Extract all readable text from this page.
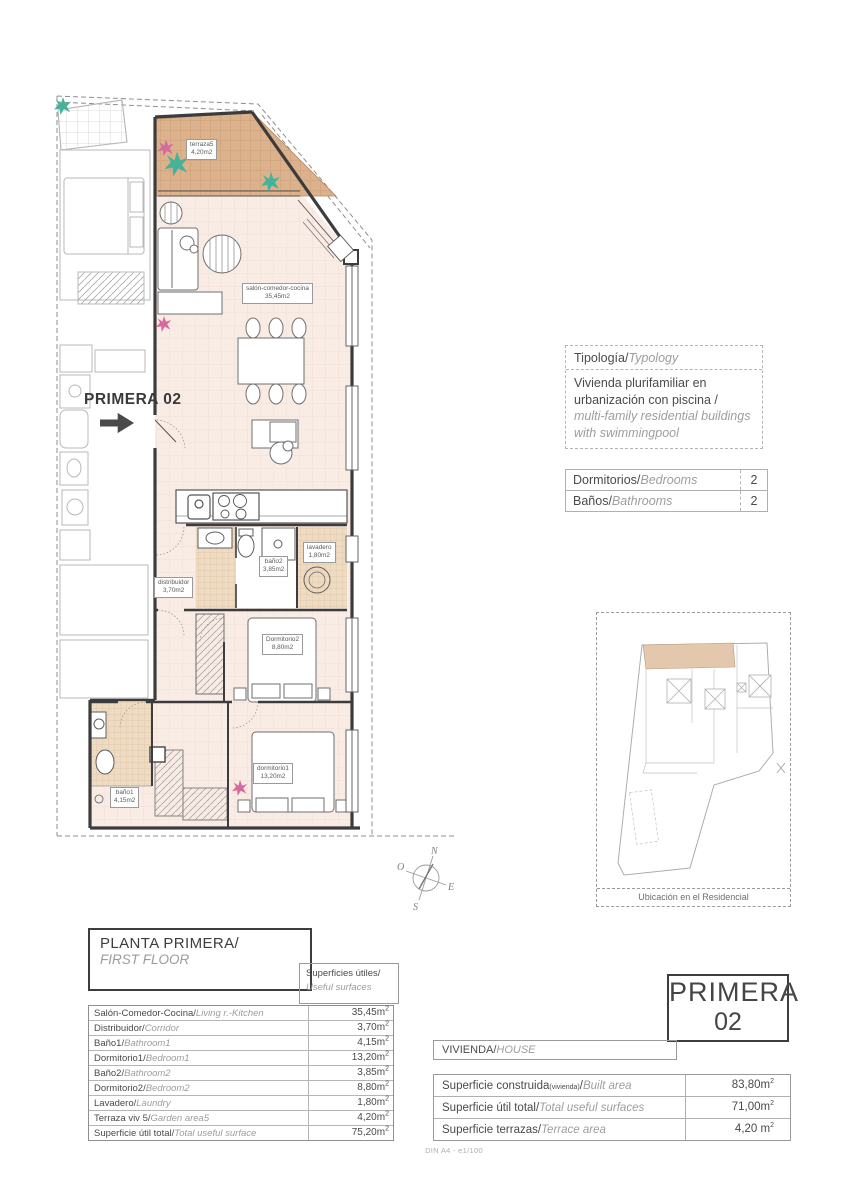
terraza5
4,20m2
salón-comedor-cocina
35,45m2
lavadero
1,80m2
baño2
3,85m2
distribuidor
3,70m2
Dormitorio2
8,80m2
dormitorio1
13,20m2
baño1
4,15m2
PRIMERA 02
N
E
S
O
Tipología/Typology
Vivienda plurifamiliar en urbanización con piscina /
multi-family residential buildings with swimmingpool
Dormitorios/Bedrooms	2
Baños/Bathrooms	2
Ubicación en el Residencial
PLANTA PRIMERA/
FIRST FLOOR
Superficies útiles/
Useful surfaces
Salón-Comedor-Cocina/Living r.-Kitchen	$35,45m^2$
Distribuidor/Corridor	$3,70m^2$
Baño1/Bathroom1	$4,15m^2$
Dormitorio1/Bedroom1	$13,20m^2$
Baño2/Bathroom2	$3,85m^2$
Dormitorio2/Bedroom2	$8,80m^2$
Lavadero/Laundry	$1,80m^2$
Terraza viv 5/Garden area5	$4,20m^2$
Superficie útil total/Total useful surface	$75,20m^2$
PRIMERA
02
VIVIENDA/HOUSE
Superficie construida(vivienda)/Built area	$83,80m^2$
Superficie útil total/Total useful surfaces	$71,00m^2$
Superficie terrazas/Terrace area	4,20 $m^2$
DIN A4 - e1/100
